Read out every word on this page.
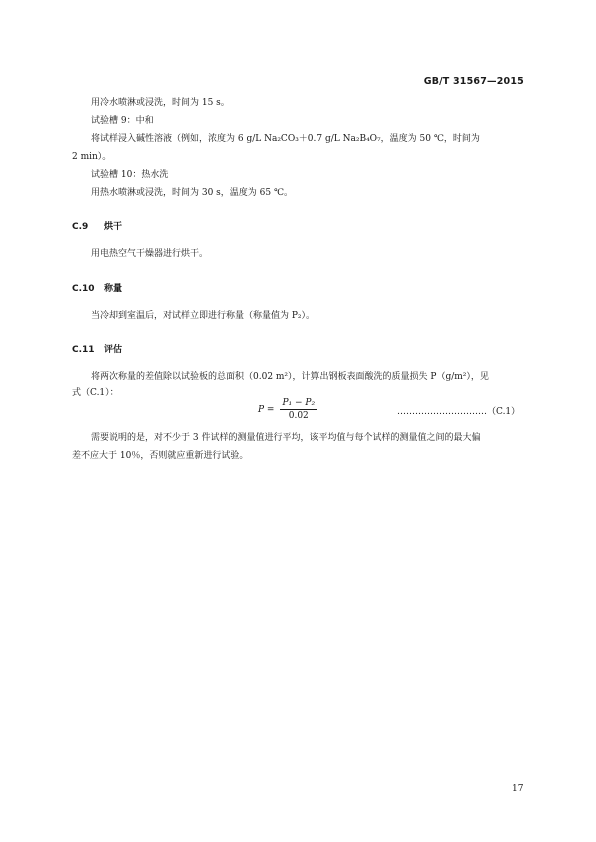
GB/T 31567—2015
用冷水喷淋或浸洗，时间为 15 s。
试验槽 9：中和
将试样浸入碱性溶液（例如，浓度为 6 g/L Na₂CO₃＋0.7 g/L Na₂B₄O₇，温度为 50 ℃，时间为
2 min）。
试验槽 10：热水洗
用热水喷淋或浸洗，时间为 30 s，温度为 65 ℃。
C.9 烘干
用电热空气干燥器进行烘干。
C.10 称量
当冷却到室温后，对试样立即进行称量（称量值为 P₂）。
C.11 评估
将两次称量的差值除以试验板的总面积（0.02 m²），计算出钢板表面酸洗的质量损失 P（g/m²），见
式（C.1）：
$P = \frac{\text{P₁ − P₂}}{0.02}$	…………………………（C.1）
需要说明的是，对不少于 3 件试样的测量值进行平均，该平均值与每个试样的测量值之间的最大偏
差不应大于 10％，否则就应重新进行试验。
17
